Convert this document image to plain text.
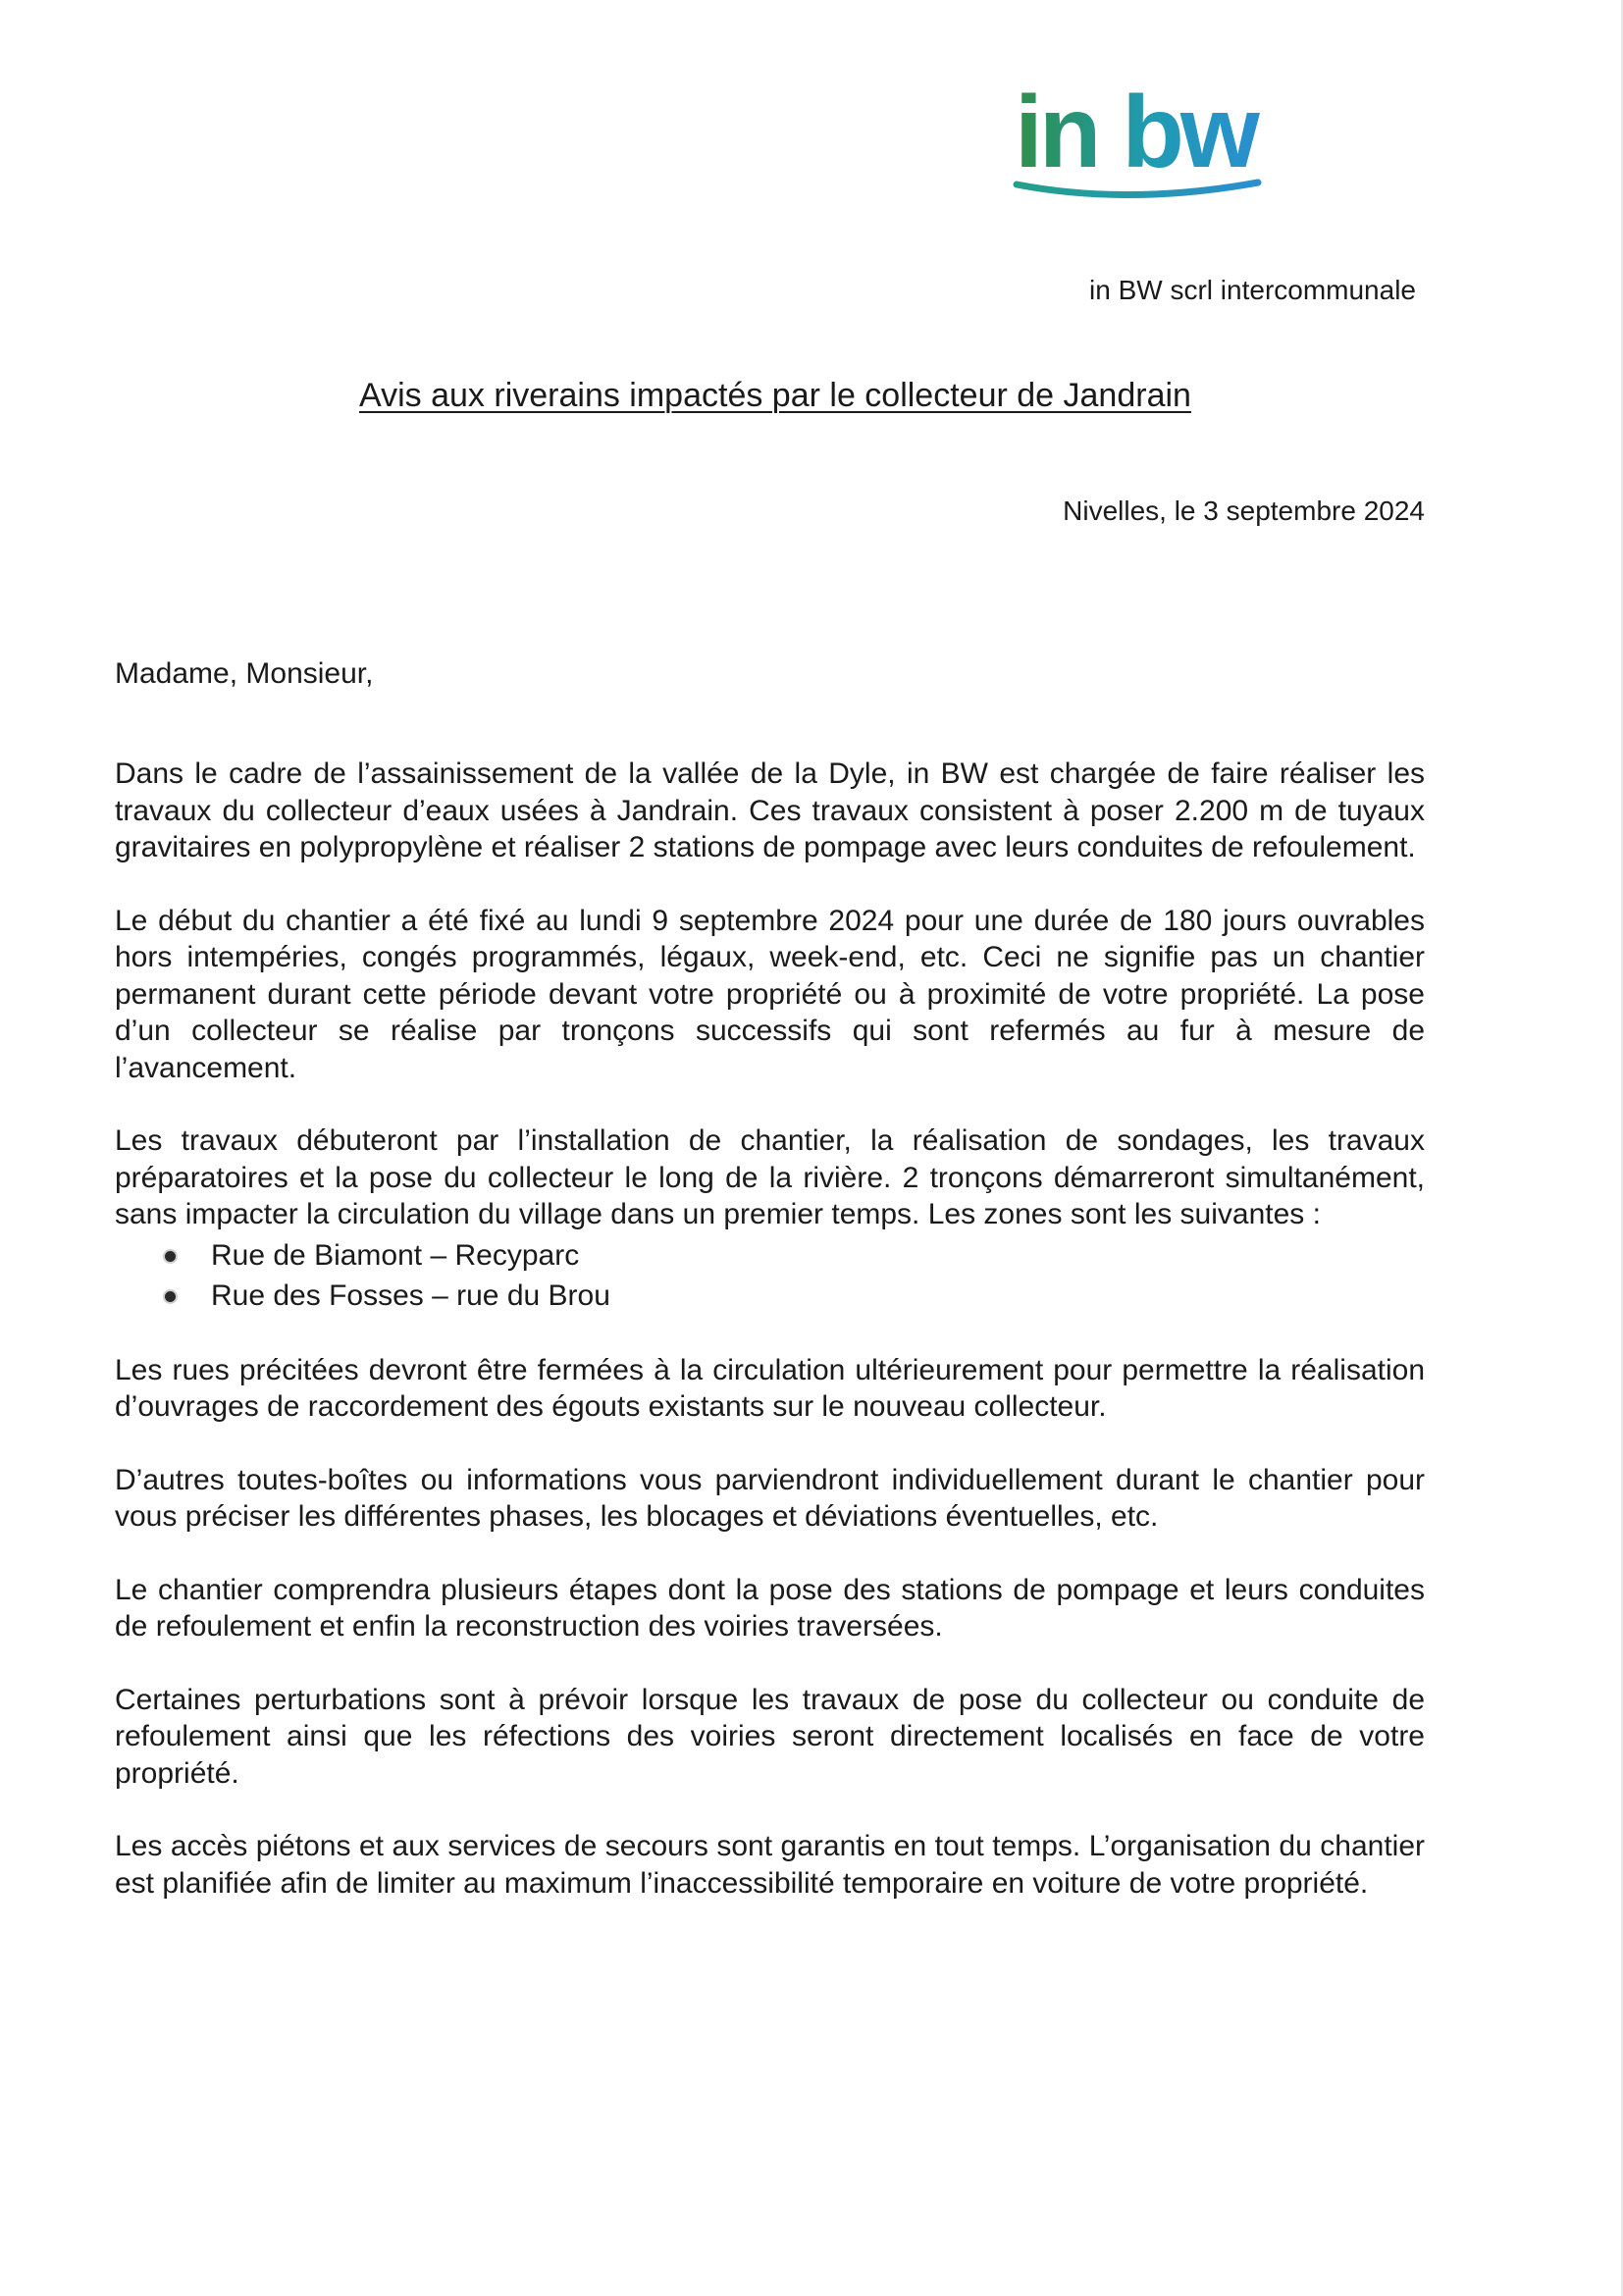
in bw
in BW scrl intercommunale
Avis aux riverains impactés par le collecteur de Jandrain
Nivelles, le 3 septembre 2024
Madame, Monsieur,

Dans le cadre de l’assainissement de la vallée de la Dyle, in BW est chargée de faire réaliser les travaux du collecteur d’eaux usées à Jandrain. Ces travaux consistent à poser 2.200 m de tuyaux gravitaires en polypropylène et réaliser 2 stations de pompage avec leurs conduites de refoulement.

Le début du chantier a été fixé au lundi 9 septembre 2024 pour une durée de 180 jours ouvrables hors intempéries, congés programmés, légaux, week-end, etc. Ceci ne signifie pas un chantier permanent durant cette période devant votre propriété ou à proximité de votre propriété. La pose d’un collecteur se réalise par tronçons successifs qui sont refermés au fur à mesure de l’avancement.

Les travaux débuteront par l’installation de chantier, la réalisation de sondages, les travaux préparatoires et la pose du collecteur le long de la rivière. 2 tronçons démarreront simultanément, sans impacter la circulation du village dans un premier temps. Les zones sont les suivantes :

Rue de Biamont – Recyparc
Rue des Fosses – rue du Brou

Les rues précitées devront être fermées à la circulation ultérieurement pour permettre la réalisation d’ouvrages de raccordement des égouts existants sur le nouveau collecteur.

D’autres toutes-boîtes ou informations vous parviendront individuellement durant le chantier pour vous préciser les différentes phases, les blocages et déviations éventuelles, etc.

Le chantier comprendra plusieurs étapes dont la pose des stations de pompage et leurs conduites de refoulement et enfin la reconstruction des voiries traversées.

Certaines perturbations sont à prévoir lorsque les travaux de pose du collecteur ou conduite de refoulement ainsi que les réfections des voiries seront directement localisés en face de votre propriété.

Les accès piétons et aux services de secours sont garantis en tout temps. L’organisation du chantier est planifiée afin de limiter au maximum l’inaccessibilité temporaire en voiture de votre propriété.
